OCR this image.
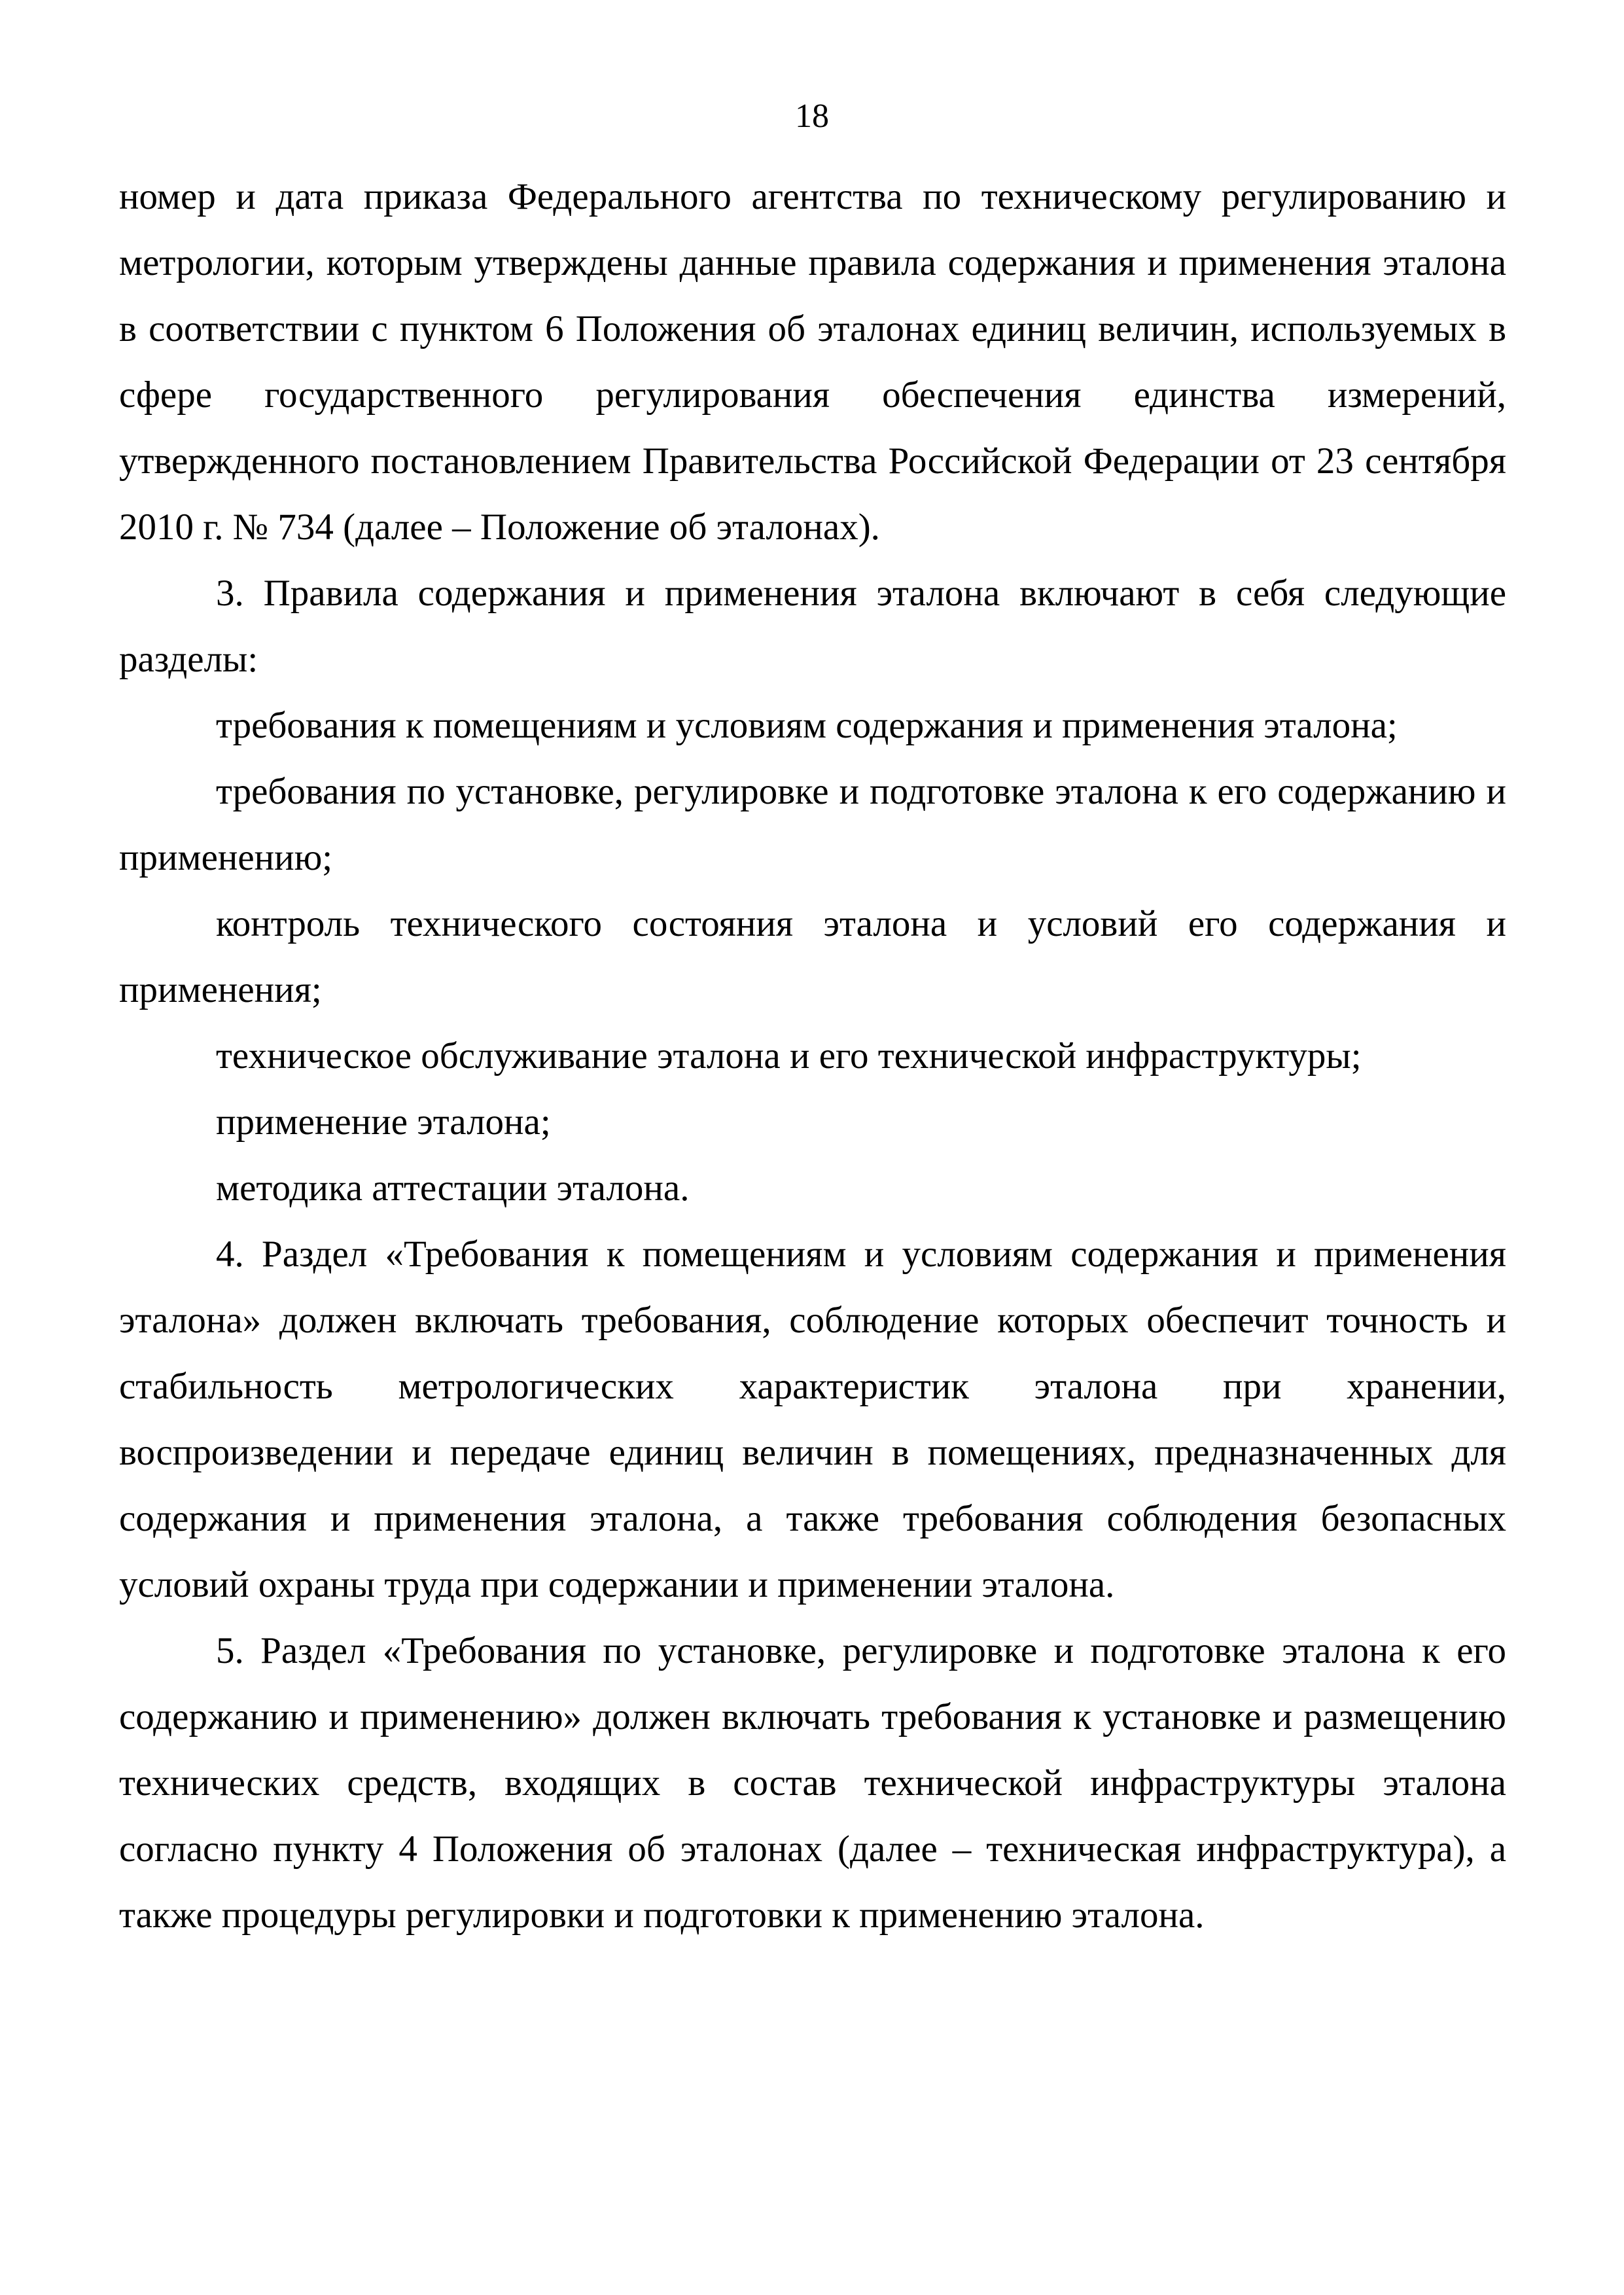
18

номер и дата приказа Федерального агентства по техническому регулированию и метрологии, которым утверждены данные правила содержания и применения эталона в соответствии с пунктом 6 Положения об эталонах единиц величин, используемых в сфере государственного регулирования обеспечения единства измерений, утвержденного постановлением Правительства Российской Федерации от 23 сентября 2010 г. № 734 (далее – Положение об эталонах).

3. Правила содержания и применения эталона включают в себя следующие разделы:

требования к помещениям и условиям содержания и применения эталона;

требования по установке, регулировке и подготовке эталона к его содержанию и применению;

контроль технического состояния эталона и условий его содержания и применения;

техническое обслуживание эталона и его технической инфраструктуры;

применение эталона;

методика аттестации эталона.

4. Раздел «Требования к помещениям и условиям содержания и применения эталона» должен включать требования, соблюдение которых обеспечит точность и стабильность метрологических характеристик эталона при хранении, воспроизведении и передаче единиц величин в помещениях, предназначенных для содержания и применения эталона, а также требования соблюдения безопасных условий охраны труда при содержании и применении эталона.

5. Раздел «Требования по установке, регулировке и подготовке эталона к его содержанию и применению» должен включать требования к установке и размещению технических средств, входящих в состав технической инфраструктуры эталона согласно пункту 4 Положения об эталонах (далее – техническая инфраструктура), а также процедуры регулировки и подготовки к применению эталона.
